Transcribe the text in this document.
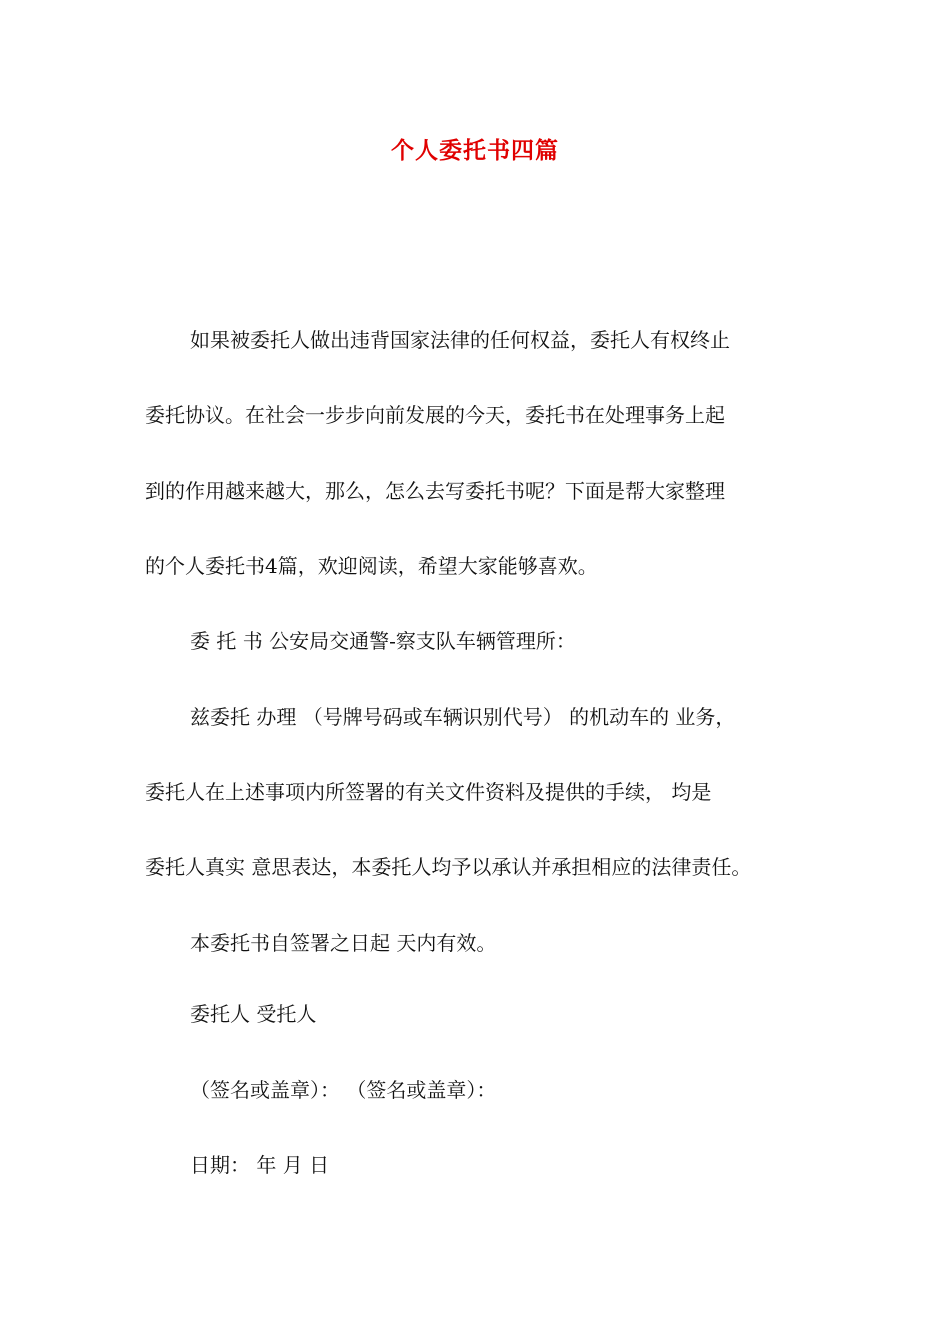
个人委托书四篇
如果被委托人做出违背国家法律的任何权益，委托人有权终止
委托协议。在社会一步步向前发展的今天，委托书在处理事务上起
到的作用越来越大，那么，怎么去写委托书呢？下面是帮大家整理
的个人委托书4篇，欢迎阅读，希望大家能够喜欢。
委 托 书 公安局交通警-察支队车辆管理所：
兹委托 办理 （号牌号码或车辆识别代号） 的机动车的 业务，
委托人在上述事项内所签署的有关文件资料及提供的手续， 均是
委托人真实 意思表达，本委托人均予以承认并承担相应的法律责任。
本委托书自签署之日起 天内有效。
委托人 受托人
（签名或盖章）： （签名或盖章）：
日期： 年 月 日
